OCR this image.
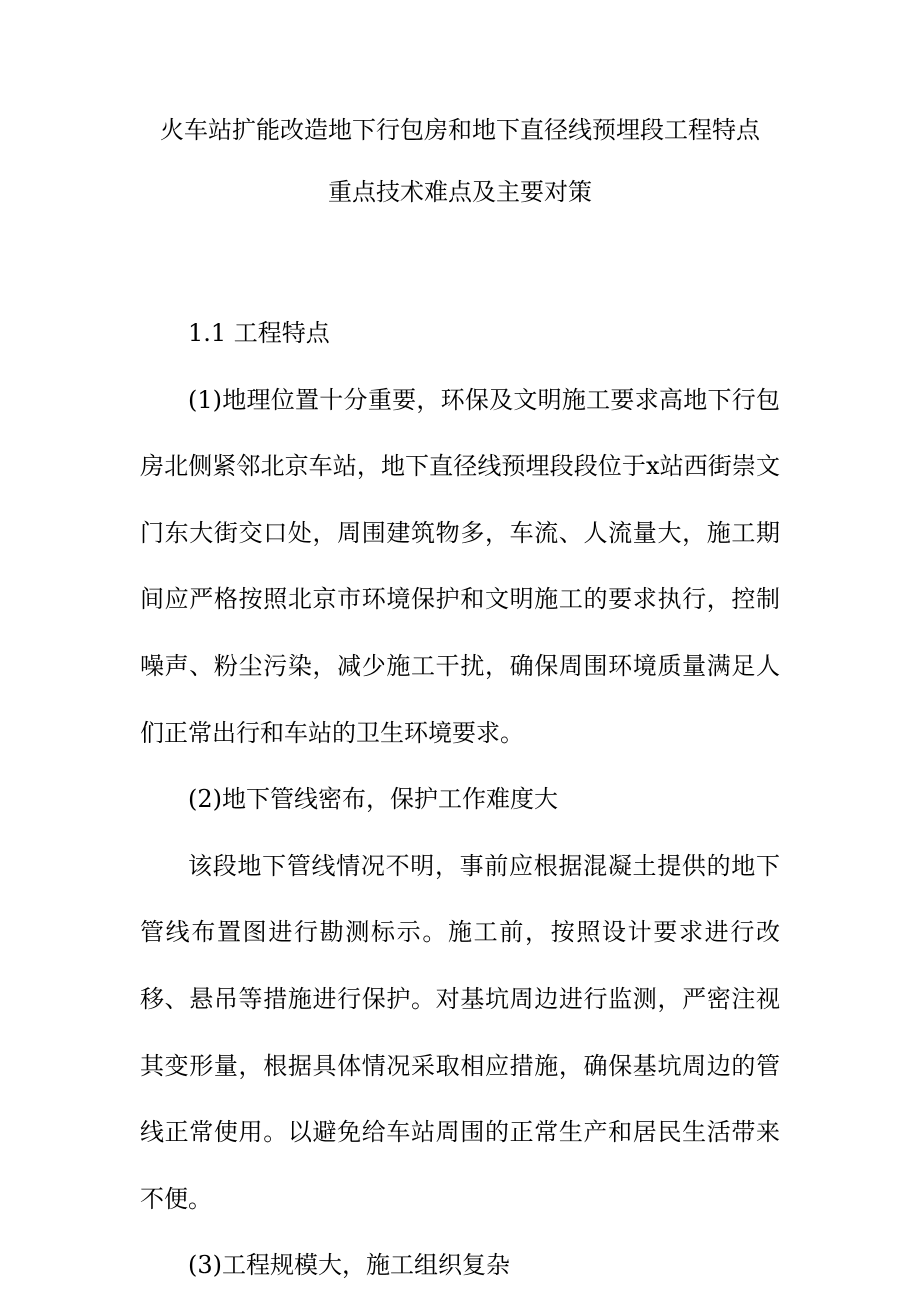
火车站扩能改造地下行包房和地下直径线预埋段工程特点
重点技术难点及主要对策

1.1 工程特点

(1)地理位置十分重要，环保及文明施工要求高地下行包房北侧紧邻北京车站，地下直径线预埋段段位于x站西街崇文门东大街交口处，周围建筑物多，车流、人流量大，施工期间应严格按照北京市环境保护和文明施工的要求执行，控制噪声、粉尘污染，减少施工干扰，确保周围环境质量满足人们正常出行和车站的卫生环境要求。

(2)地下管线密布，保护工作难度大

该段地下管线情况不明，事前应根据混凝土提供的地下管线布置图进行勘测标示。施工前，按照设计要求进行改移、悬吊等措施进行保护。对基坑周边进行监测，严密注视其变形量，根据具体情况采取相应措施，确保基坑周边的管线正常使用。以避免给车站周围的正常生产和居民生活带来不便。

(3)工程规模大，施工组织复杂
